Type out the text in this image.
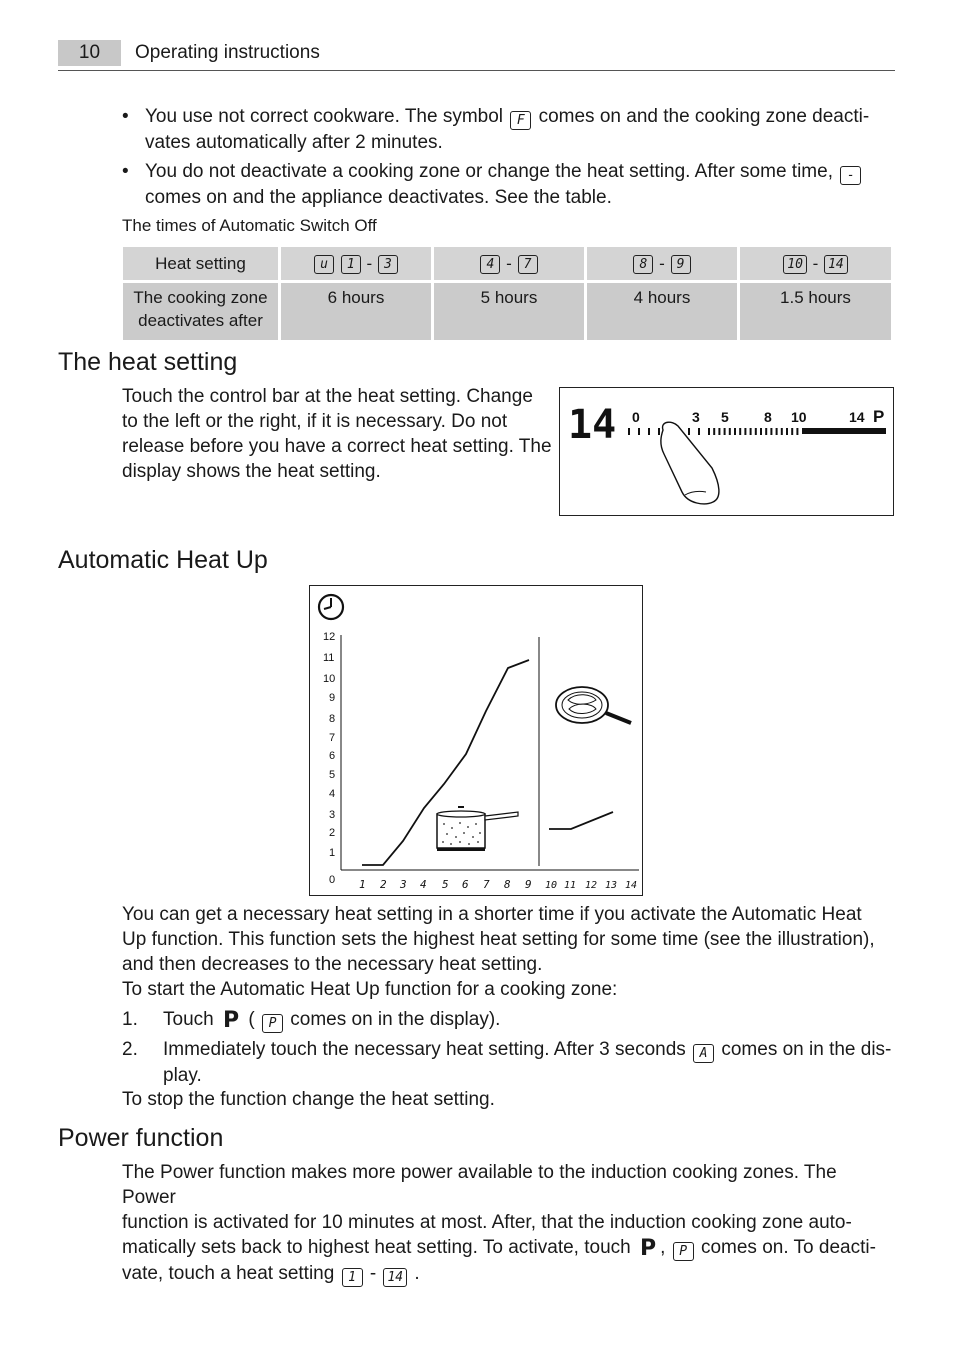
10	Operating instructions
• You use not correct cookware. The symbol F comes on and the cooking zone deacti-
vates automatically after 2 minutes.
• You do not deactivate a cooking zone or change the heat setting. After some time, -
comes on and the appliance deactivates. See the table.
The times of Automatic Switch Off
Heat setting	u 1 - 3	4 - 7	8 - 9	10 - 14
The cooking zone
deactivates after	6 hours	5 hours	4 hours	1.5 hours
The heat setting
Touch the control bar at the heat setting. Change
to the left or the right, if it is necessary. Do not
release before you have a correct heat setting. The
display shows the heat setting.
14 0	3 5	8 10	14 P
Automatic Heat Up
12
11
10
9
8
7
6
5
4
3
2
1
0 1 2 3 4 5 6 7 8 9 10 11 12 13 14
You can get a necessary heat setting in a shorter time if you activate the Automatic Heat
Up function. This function sets the highest heat setting for some time (see the illustration),
and then decreases to the necessary heat setting.
To start the Automatic Heat Up function for a cooking zone:
1. Touch P ( P comes on in the display).
2. Immediately touch the necessary heat setting. After 3 seconds A comes on in the dis-
play.
To stop the function change the heat setting.
Power function
The Power function makes more power available to the induction cooking zones. The Power
function is activated for 10 minutes at most. After, that the induction cooking zone auto-
matically sets back to highest heat setting. To activate, touch P , P comes on. To deacti-
vate, touch a heat setting 1 - 14 .
